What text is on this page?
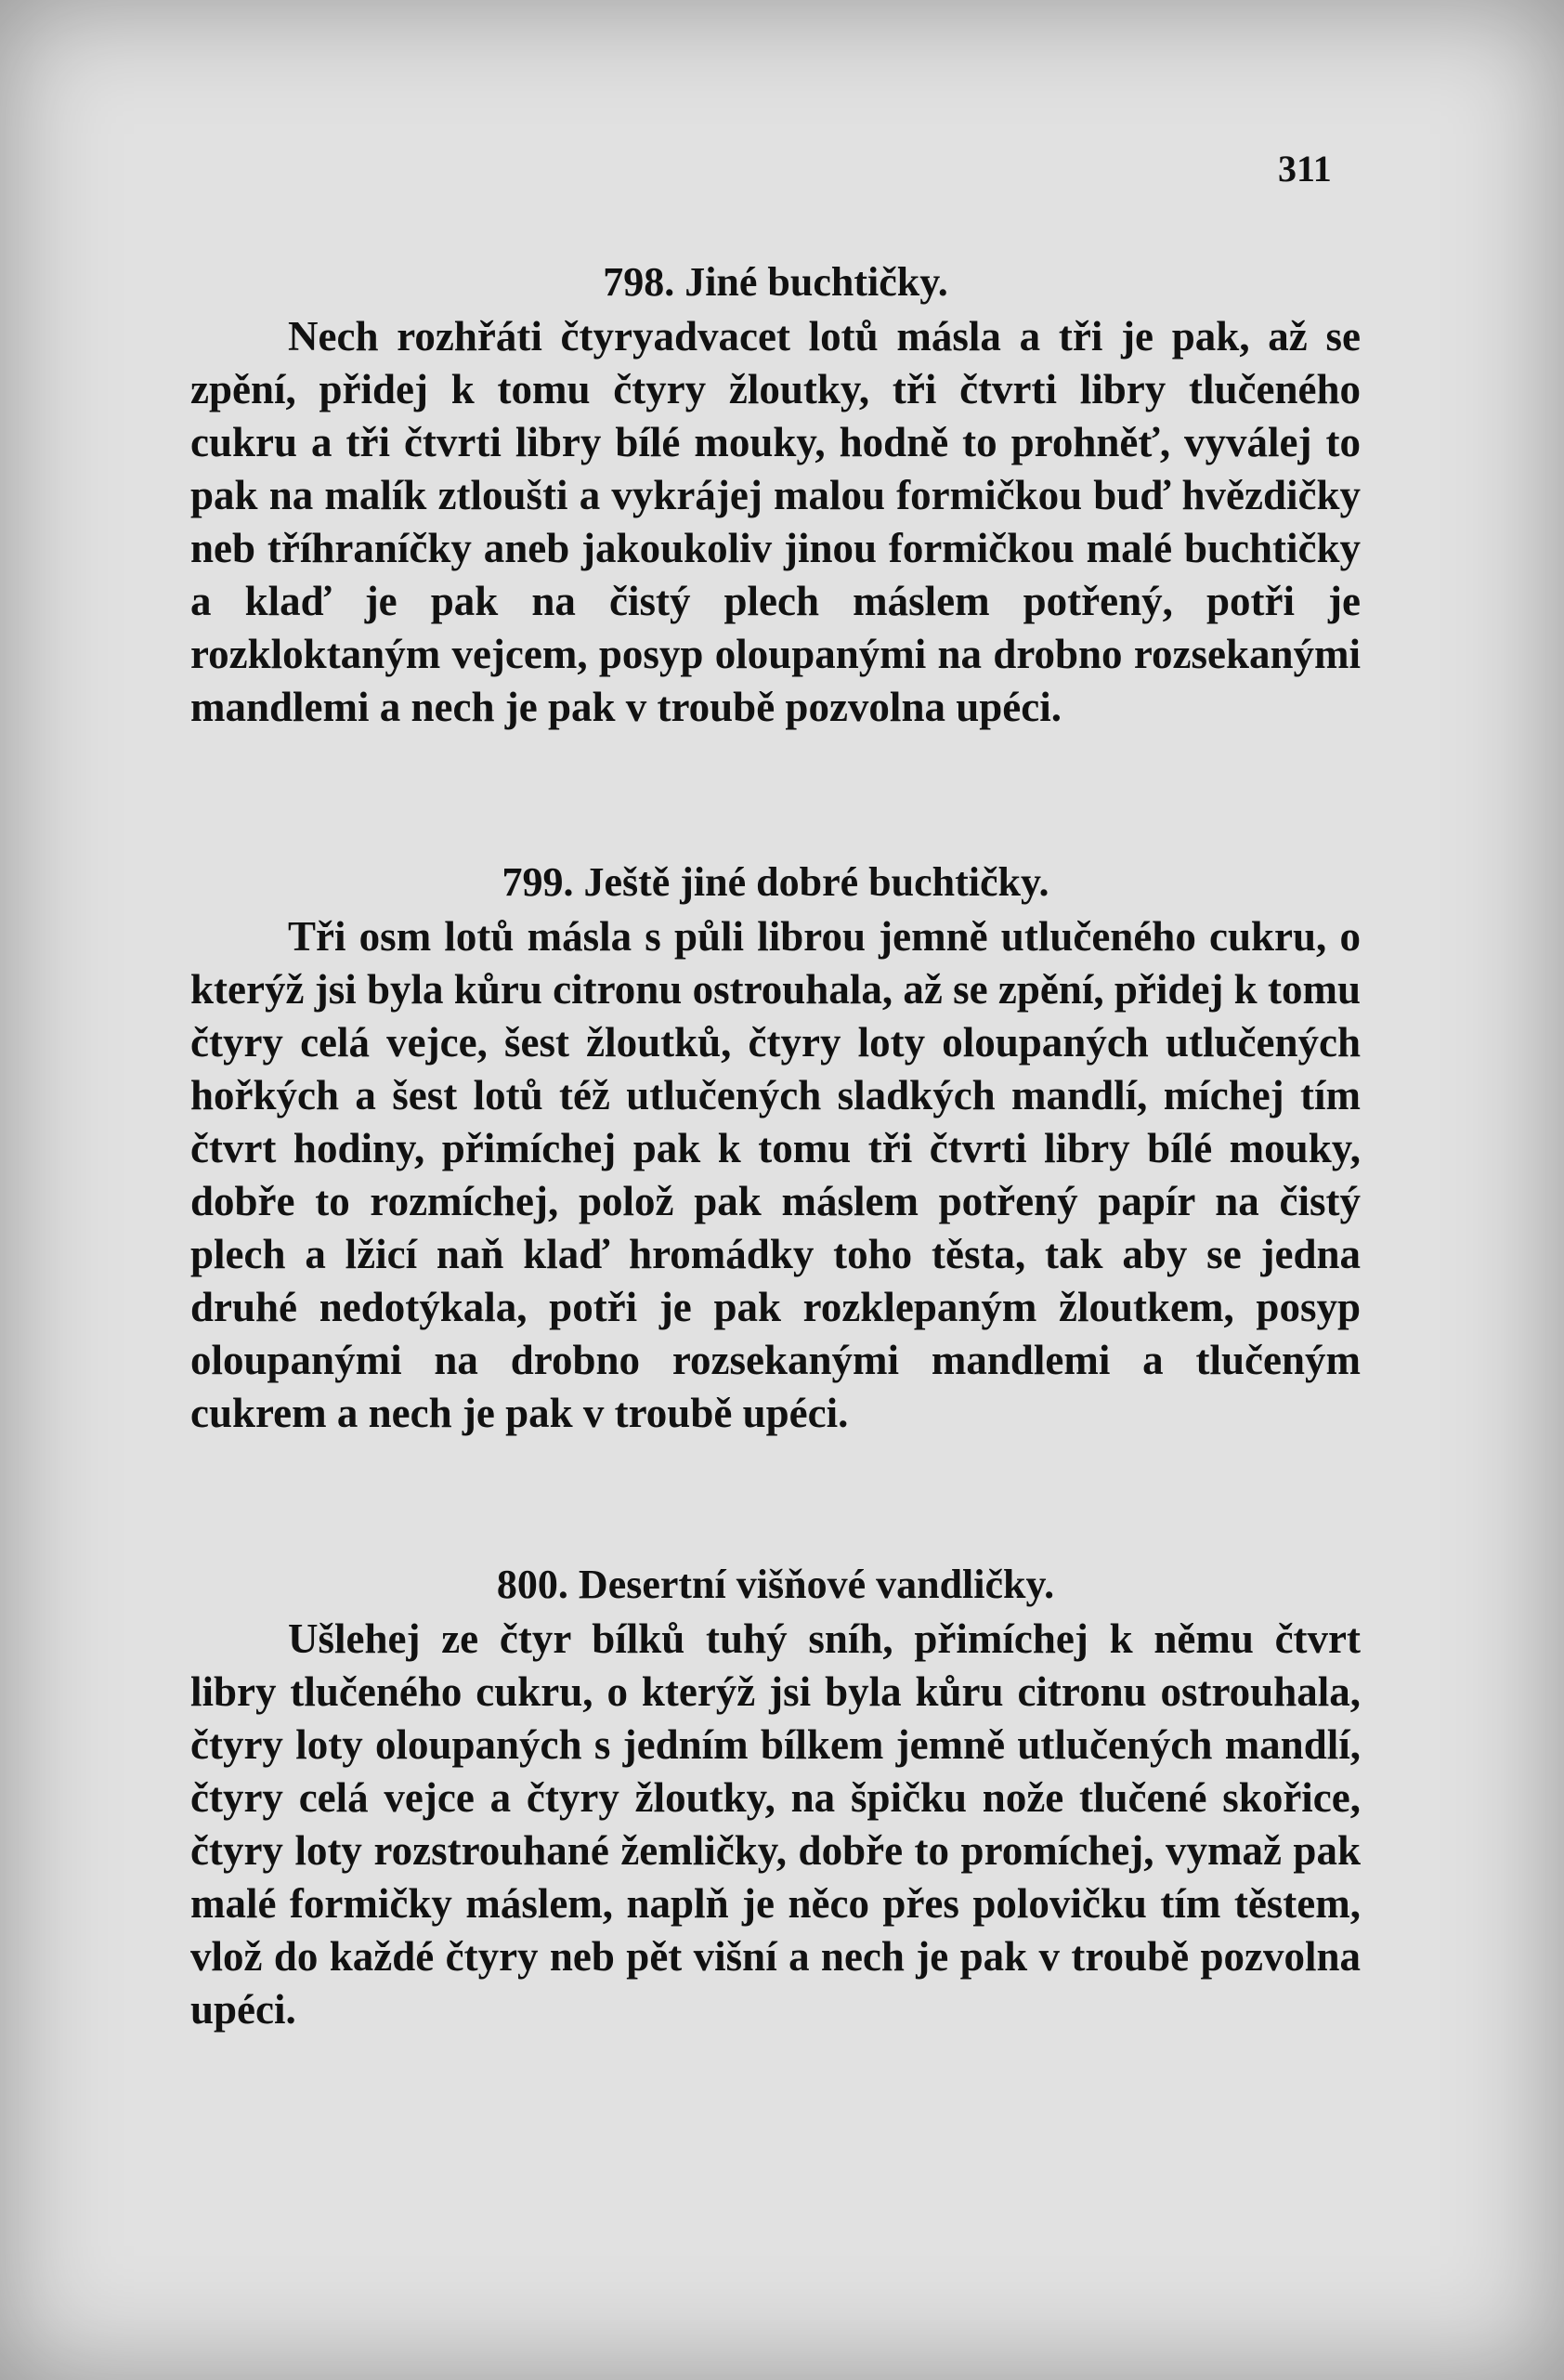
311

798. Jiné buchtičky.

Nech rozhřáti čtyryadvacet lotů másla a tři je pak, až se zpění, přidej k tomu čtyry žloutky, tři čtvrti libry tlučeného cukru a tři čtvrti libry bílé mouky, hodně to prohněť, vyválej to pak na malík ztloušti a vykrájej malou formičkou buď hvězdičky neb tříhraníčky aneb jakoukoliv jinou formičkou malé buchtičky a klaď je pak na čistý plech máslem potřený, potři je rozkloktaným vejcem, posyp oloupanými na drobno rozsekanými mandlemi a nech je pak v troubě pozvolna upéci.

799. Ještě jiné dobré buchtičky.

Tři osm lotů másla s půli librou jemně utlučeného cukru, o kterýž jsi byla kůru citronu ostrouhala, až se zpění, přidej k tomu čtyry celá vejce, šest žloutků, čtyry loty oloupaných utlučených hořkých a šest lotů též utlučených sladkých mandlí, míchej tím čtvrt hodiny, přimíchej pak k tomu tři čtvrti libry bílé mouky, dobře to rozmíchej, polož pak máslem potřený papír na čistý plech a lžicí naň klaď hromádky toho těsta, tak aby se jedna druhé nedotýkala, potři je pak rozklepaným žloutkem, posyp oloupanými na drobno rozsekanými mandlemi a tlučeným cukrem a nech je pak v troubě upéci.

800. Desertní višňové vandličky.

Ušlehej ze čtyr bílků tuhý sníh, přimíchej k němu čtvrt libry tlučeného cukru, o kterýž jsi byla kůru citronu ostrouhala, čtyry loty oloupaných s jedním bílkem jemně utlučených mandlí, čtyry celá vejce a čtyry žloutky, na špičku nože tlučené skořice, čtyry loty rozstrouhané žemličky, dobře to promíchej, vymaž pak malé formičky máslem, naplň je něco přes polovičku tím těstem, vlož do každé čtyry neb pět višní a nech je pak v troubě pozvolna upéci.
